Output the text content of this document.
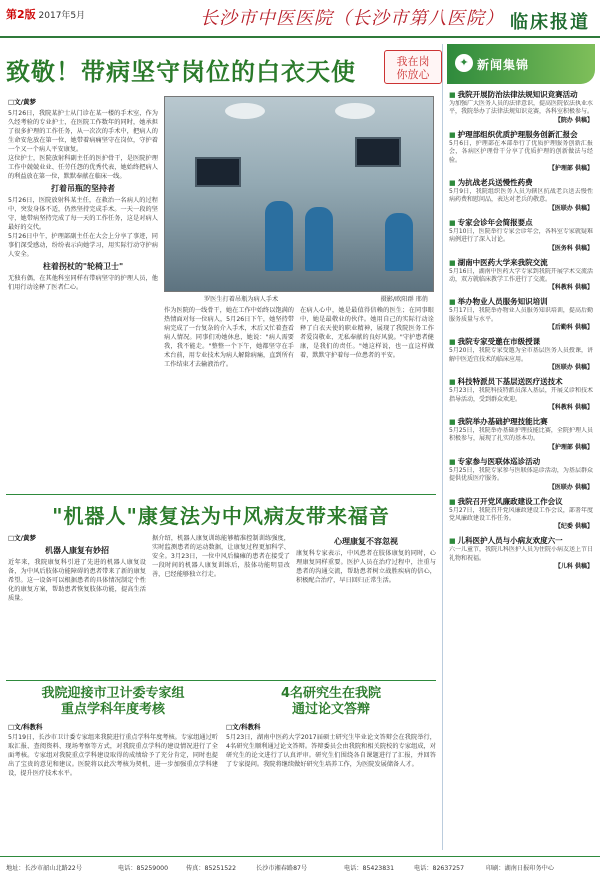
第2版 2017年5月	长沙市中医医院（长沙市第八医院） 临床报道
致敬！带病坚守岗位的白衣天使	我在岗
你放心
□文/黄梦

5月26日，我院某护士从门诊在某一楼的手术室，作为久经考验的专业护士，在医院工作数年的同时，她承担了很多护理的工作任务，从一次次的手术中，把病人的生命安危放在第一位，她带着病痛坚守在岗位，守护着一个又一个病人平安康复。

这位护士，医院放射科副主任的医护骨干，是医院护理工作中兢兢业业、任劳任怨的优秀代表，她始终把病人的利益放在第一位，默默奉献在临床一线。

打着吊瓶的坚持者

5月26日，医院放射科某主任，在救治一名病人的过程中，突发身体不适，仍然坚持完成手术。一天一段的坚守，她带病坚持完成了每一天的工作任务，这是对病人最好的交代。

5月26日中午，护理部副主任在大会上分享了事迹，同事们深受感动，纷纷表示向她学习，用实际行动守护病人安全。

柱着拐杖的"轮椅卫士"

无独有偶，在其他科室同样有带病坚守的护理人员，他们用行动诠释了医者仁心。

罗医生打着吊瓶为病人手术	摄影/欧阳群 邢俏

作为医院的一线骨干，她在工作中始终以饱满的热情面对每一位病人，5月26日下午，她坚持带病完成了一台复杂的介入手术，术后又忙着查看病人情况。同事们劝她休息，她说："病人需要我，我不能走。"整整一个下午，她都坚守在手术台前，用专业技术为病人解除病痛，直到所有工作结束才去输液治疗。

在病人心中，她是最值得信赖的医生；在同事眼中，她是最敬业的伙伴。她用自己的实际行动诠释了白衣天使的职业精神，展现了我院医务工作者爱岗敬业、无私奉献的良好风貌。"守护患者健康，是我们的责任。"她这样说，也一直这样做着，默默守护着每一位患者的平安。

✦ 新闻集锦
■ 我院开展防治法律法规知识竞赛活动
为加强广大医务人员的法律意识，提高医院依法执业水平，我院举办了法律法规知识竞赛，各科室积极参与。
【院办 供稿】
■ 护理部组织优质护理服务创新汇报会
5月6日，护理部在本部举行了优质护理服务创新汇报会，各病区护理骨干分享了优质护理的创新做法与经验。
【护理部 供稿】
■ 为抗战老兵送慢性药费
5月9日，我院组织医务人员为辖区抗战老兵送去慢性病药费和慰问品，表达对老兵的敬意。
【医联办 供稿】
■ 专家会诊年会简报要点
5月10日，医院举行专家会诊年会，各科室专家就疑难病例进行了深入讨论。
【医务科 供稿】
■ 湖南中医药大学来我院交流
5月16日，湖南中医药大学专家到我院开展学术交流活动，双方就临床教学工作进行了交流。
【科教科 供稿】
■ 举办物业人员服务知识培训
5月17日，我院举办物业人员服务知识培训，提高后勤服务质量与水平。
【后勤科 供稿】
■ 我院专家受邀在市级授课
5月20日，我院专家受邀为全市基层医务人员授课，讲解中医适宜技术的临床应用。
【医联办 供稿】
■ 科技特派员下基层送医疗送技术
5月23日，我院科技特派员深入基层，开展义诊和技术指导活动，受到群众欢迎。
【科教科 供稿】
■ 我院举办基础护理技能比赛
5月25日，我院举办基础护理技能比赛，全院护理人员积极参与，展现了扎实的基本功。
【护理部 供稿】
■ 专家参与医联体巡诊活动
5月25日，我院专家参与医联体巡诊活动，为基层群众提供优质医疗服务。
【医联办 供稿】
■ 我院召开党风廉政建设工作会议
5月27日，我院召开党风廉政建设工作会议，部署年度党风廉政建设工作任务。
【纪委 供稿】
■ 儿科医护人员与小病友欢度六一
六一儿童节，我院儿科医护人员为住院小病友送上节日礼物和祝福。
【儿科 供稿】
"机器人"康复法为中风病友带来福音
□文/黄梦
机器人康复有妙招

近年来，我院康复科引进了先进的机器人康复设备，为中风后肢体功能障碍的患者带来了新的康复希望。这一设备可以根据患者的具体情况制定个性化的康复方案，帮助患者恢复肢体功能，提高生活质量。

据介绍，机器人康复训练能够精准控制训练强度，实时监测患者的运动数据，让康复过程更加科学、安全。3月23日，一位中风后偏瘫的患者在接受了一段时间的机器人康复训练后，肢体功能明显改善，已经能够独立行走。

心理康复不容忽视

康复科专家表示，中风患者在肢体康复的同时，心理康复同样重要。医护人员在治疗过程中，注重与患者的沟通交流，帮助患者树立战胜疾病的信心，积极配合治疗，早日回归正常生活。

我院迎接市卫计委专家组
重点学科年度考核
□文/科教科
5月19日，长沙市卫计委专家组来我院进行重点学科年度考核。专家组通过听取汇报、查阅资料、现场考察等方式，对我院重点学科的建设情况进行了全面考核。专家组对我院重点学科建设取得的成绩给予了充分肯定，同时也提出了宝贵的意见和建议。医院将以此次考核为契机，进一步加强重点学科建设，提升医疗技术水平。
4名研究生在我院
通过论文答辩
□文/科教科
5月23日，湖南中医药大学2017届硕士研究生毕业论文答辩会在我院举行，4名研究生顺利通过论文答辩。答辩委员会由我院和相关院校的专家组成，对研究生的论文进行了认真评审。研究生们围绕各自课题进行了汇报，并回答了专家提问。我院将继续做好研究生培养工作，为医院发展储备人才。
地址：长沙市韶山北路22号	电话：85259000	传真：85251522	长沙市湘春路87号	电话：85423831	电话：82637257	印刷：湖南日报印务中心
